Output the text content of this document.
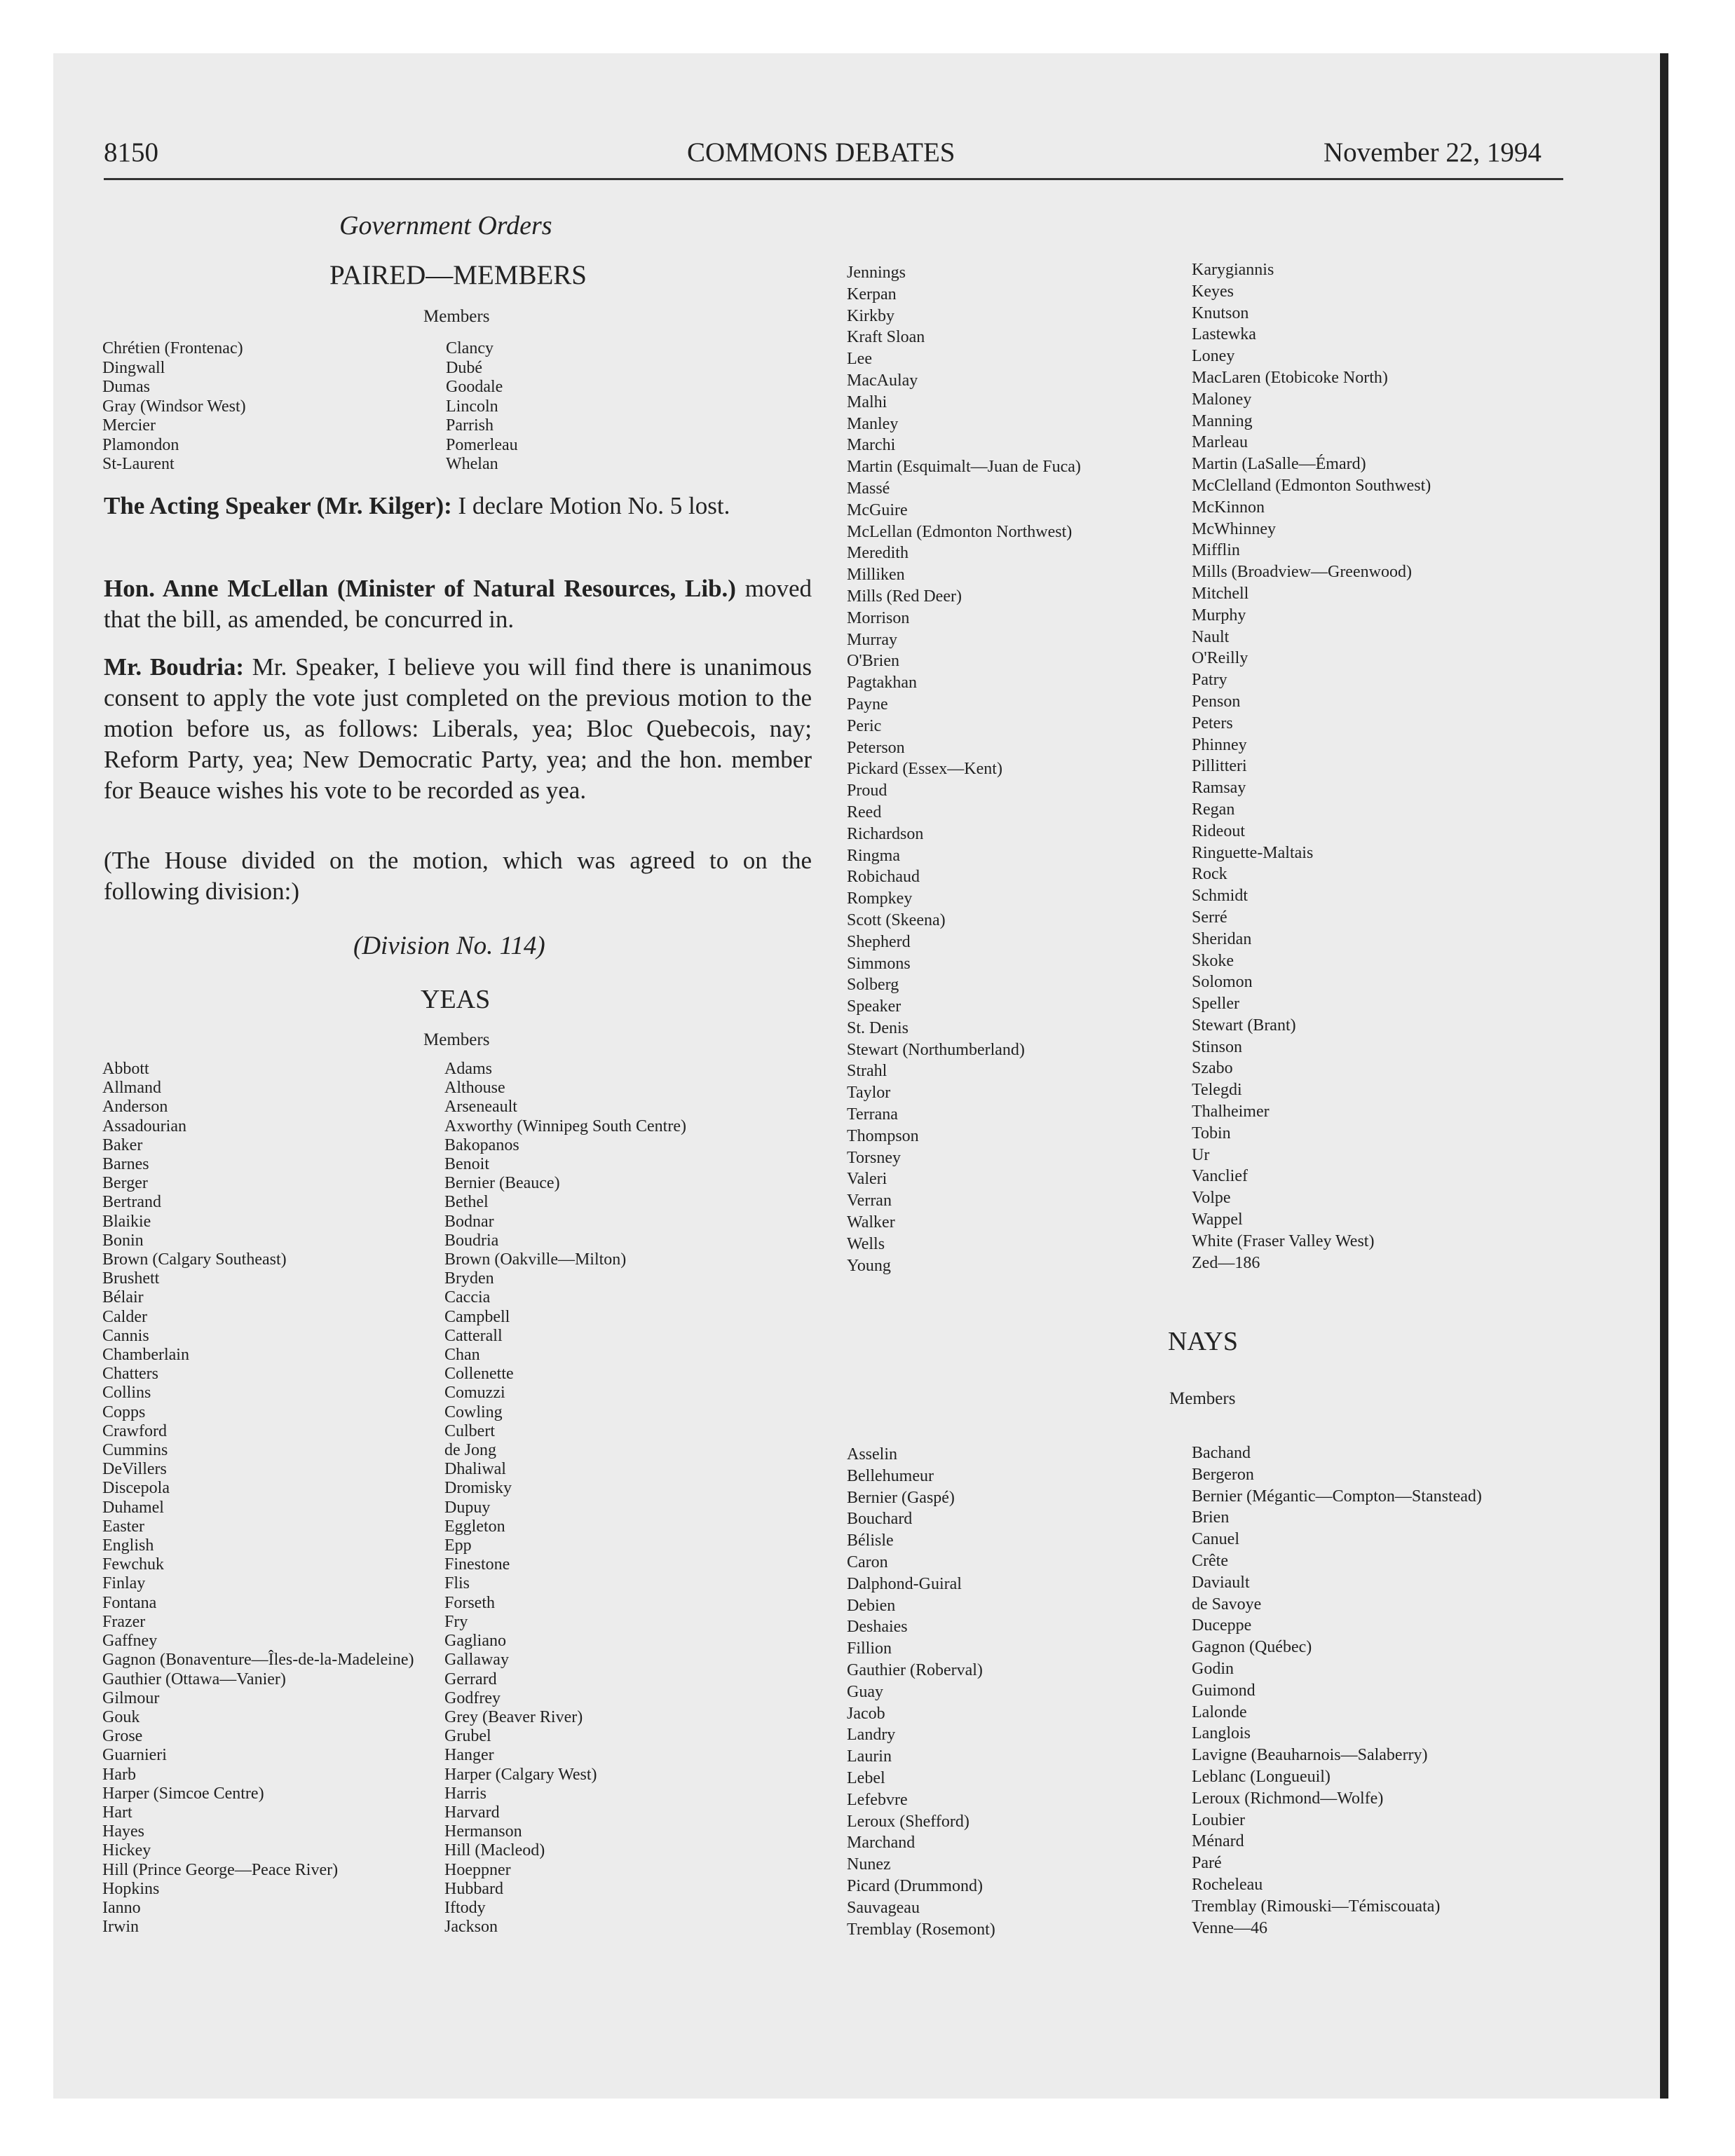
8150	COMMONS DEBATES	November 22, 1994
Government Orders
PAIRED—MEMBERS
Members
Chrétien (Frontenac)
Dingwall
Dumas
Gray (Windsor West)
Mercier
Plamondon
St-Laurent
Clancy
Dubé
Goodale
Lincoln
Parrish
Pomerleau
Whelan

The Acting Speaker (Mr. Kilger): I declare Motion No. 5 lost.

Hon. Anne McLellan (Minister of Natural Resources, Lib.) moved that the bill, as amended, be concurred in.

Mr. Boudria: Mr. Speaker, I believe you will find there is unanimous consent to apply the vote just completed on the previous motion to the motion before us, as follows: Liberals, yea; Bloc Quebecois, nay; Reform Party, yea; New Democratic Party, yea; and the hon. member for Beauce wishes his vote to be recorded as yea.

(The House divided on the motion, which was agreed to on the following division:)

(Division No. 114)
YEAS
Members
Abbott
Allmand
Anderson
Assadourian
Baker
Barnes
Berger
Bertrand
Blaikie
Bonin
Brown (Calgary Southeast)
Brushett
Bélair
Calder
Cannis
Chamberlain
Chatters
Collins
Copps
Crawford
Cummins
DeVillers
Discepola
Duhamel
Easter
English
Fewchuk
Finlay
Fontana
Frazer
Gaffney
Gagnon (Bonaventure—Îles-de-la-Madeleine)
Gauthier (Ottawa—Vanier)
Gilmour
Gouk
Grose
Guarnieri
Harb
Harper (Simcoe Centre)
Hart
Hayes
Hickey
Hill (Prince George—Peace River)
Hopkins
Ianno
Irwin
Adams
Althouse
Arseneault
Axworthy (Winnipeg South Centre)
Bakopanos
Benoit
Bernier (Beauce)
Bethel
Bodnar
Boudria
Brown (Oakville—Milton)
Bryden
Caccia
Campbell
Catterall
Chan
Collenette
Comuzzi
Cowling
Culbert
de Jong
Dhaliwal
Dromisky
Dupuy
Eggleton
Epp
Finestone
Flis
Forseth
Fry
Gagliano
Gallaway
Gerrard
Godfrey
Grey (Beaver River)
Grubel
Hanger
Harper (Calgary West)
Harris
Harvard
Hermanson
Hill (Macleod)
Hoeppner
Hubbard
Iftody
Jackson
Jennings
Kerpan
Kirkby
Kraft Sloan
Lee
MacAulay
Malhi
Manley
Marchi
Martin (Esquimalt—Juan de Fuca)
Massé
McGuire
McLellan (Edmonton Northwest)
Meredith
Milliken
Mills (Red Deer)
Morrison
Murray
O'Brien
Pagtakhan
Payne
Peric
Peterson
Pickard (Essex—Kent)
Proud
Reed
Richardson
Ringma
Robichaud
Rompkey
Scott (Skeena)
Shepherd
Simmons
Solberg
Speaker
St. Denis
Stewart (Northumberland)
Strahl
Taylor
Terrana
Thompson
Torsney
Valeri
Verran
Walker
Wells
Young
Karygiannis
Keyes
Knutson
Lastewka
Loney
MacLaren (Etobicoke North)
Maloney
Manning
Marleau
Martin (LaSalle—Émard)
McClelland (Edmonton Southwest)
McKinnon
McWhinney
Mifflin
Mills (Broadview—Greenwood)
Mitchell
Murphy
Nault
O'Reilly
Patry
Penson
Peters
Phinney
Pillitteri
Ramsay
Regan
Rideout
Ringuette-Maltais
Rock
Schmidt
Serré
Sheridan
Skoke
Solomon
Speller
Stewart (Brant)
Stinson
Szabo
Telegdi
Thalheimer
Tobin
Ur
Vanclief
Volpe
Wappel
White (Fraser Valley West)
Zed—186
NAYS
Members
Asselin
Bellehumeur
Bernier (Gaspé)
Bouchard
Bélisle
Caron
Dalphond-Guiral
Debien
Deshaies
Fillion
Gauthier (Roberval)
Guay
Jacob
Landry
Laurin
Lebel
Lefebvre
Leroux (Shefford)
Marchand
Nunez
Picard (Drummond)
Sauvageau
Tremblay (Rosemont)
Bachand
Bergeron
Bernier (Mégantic—Compton—Stanstead)
Brien
Canuel
Crête
Daviault
de Savoye
Duceppe
Gagnon (Québec)
Godin
Guimond
Lalonde
Langlois
Lavigne (Beauharnois—Salaberry)
Leblanc (Longueuil)
Leroux (Richmond—Wolfe)
Loubier
Ménard
Paré
Rocheleau
Tremblay (Rimouski—Témiscouata)
Venne—46
